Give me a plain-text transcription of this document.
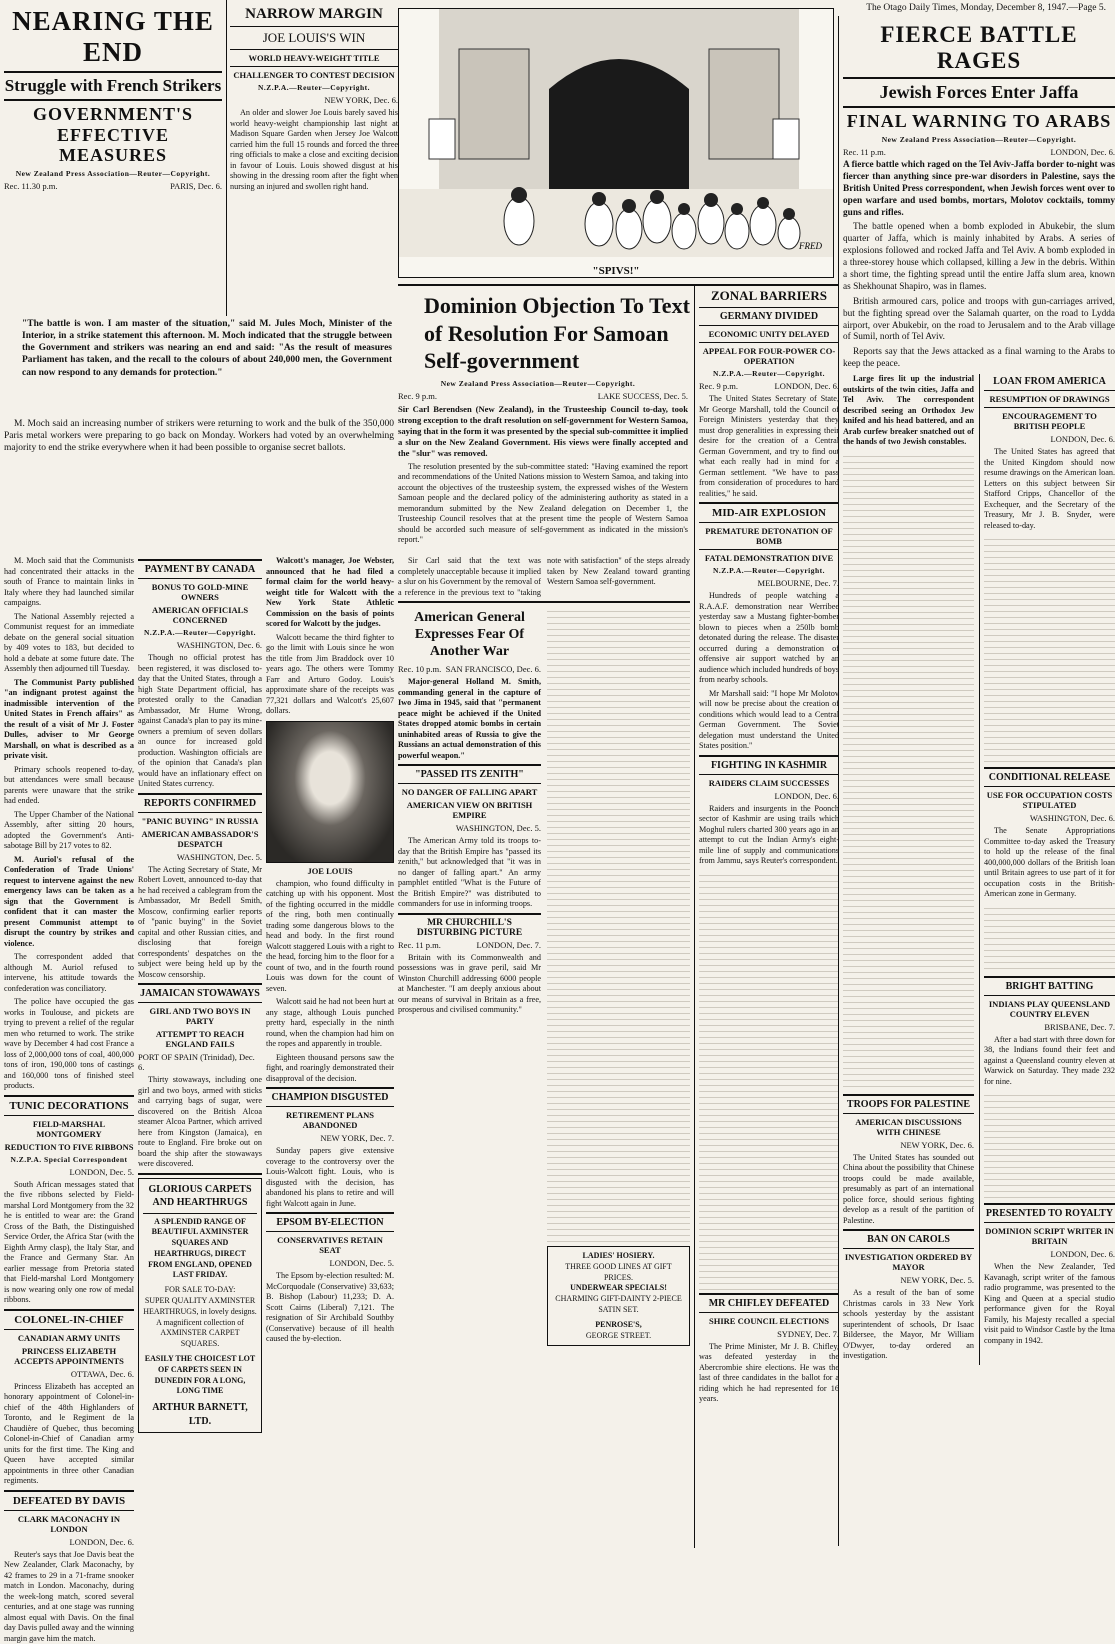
The Otago Daily Times, Monday, December 8, 1947.—Page 5.
NEARING THE END
Struggle with French Strikers
GOVERNMENT'S EFFECTIVE MEASURES
New Zealand Press Association—Reuter—Copyright.
Rec. 11.30 p.m.	PARIS, Dec. 6.
"The battle is won. I am master of the situation," said M. Jules Moch, Minister of the Interior, in a strike statement this afternoon. M. Moch indicated that the struggle between the Government and strikers was nearing an end and said: "As the result of measures Parliament has taken, and the recall to the colours of about 240,000 men, the Government can now respond to any demands for protection."

M. Moch said an increasing number of strikers were returning to work and the bulk of the 350,000 Paris metal workers were preparing to go back on Monday. Workers had voted by an overwhelming majority to end the strike everywhere when it had been possible to organise secret ballots.

M. Moch said that the Communists had concentrated their attacks in the south of France to maintain links in Italy where they had launched similar campaigns.

The National Assembly rejected a Communist request for an immediate debate on the general social situation by 409 votes to 183, but decided to hold a debate at some future date. The Assembly then adjourned till Tuesday.

The Communist Party published "an indignant protest against the inadmissible intervention of the United States in French affairs" as the result of a visit of Mr J. Foster Dulles, adviser to Mr George Marshall, on what is described as a private visit.

Primary schools reopened to-day, but attendances were small because parents were unaware that the strike had ended.

The Upper Chamber of the National Assembly, after sitting 20 hours, adopted the Government's Anti-sabotage Bill by 217 votes to 82.

M. Auriol's refusal of the Confederation of Trade Unions' request to intervene against the new emergency laws can be taken as a sign that the Government is confident that it can master the present Communist attempt to disrupt the country by strikes and violence.

The correspondent added that although M. Auriol refused to intervene, his attitude towards the confederation was conciliatory.

The police have occupied the gas works in Toulouse, and pickets are trying to prevent a relief of the regular men who returned to work. The strike wave by December 4 had cost France a loss of 2,000,000 tons of coal, 400,000 tons of iron, 190,000 tons of castings and 160,000 tons of finished steel products.

TUNIC DECORATIONS
FIELD-MARSHAL MONTGOMERY
REDUCTION TO FIVE RIBBONS
N.Z.P.A. Special Correspondent
LONDON, Dec. 5.

South African messages stated that the five ribbons selected by Field-marshal Lord Montgomery from the 32 he is entitled to wear are: the Grand Cross of the Bath, the Distinguished Service Order, the Africa Star (with the Eighth Army clasp), the Italy Star, and the France and Germany Star. An earlier message from Pretoria stated that Field-marshal Lord Montgomery is now wearing only one row of medal ribbons.

COLONEL-IN-CHIEF
CANADIAN ARMY UNITS
PRINCESS ELIZABETH ACCEPTS APPOINTMENTS
OTTAWA, Dec. 6.

Princess Elizabeth has accepted an honorary appointment of Colonel-in-chief of the 48th Highlanders of Toronto, and le Regiment de la Chaudière of Quebec, thus becoming Colonel-in-Chief of Canadian army units for the first time. The King and Queen have accepted similar appointments in three other Canadian regiments.

DEFEATED BY DAVIS
CLARK MACONACHY IN LONDON
LONDON, Dec. 6.

Reuter's says that Joe Davis beat the New Zealander, Clark Maconachy, by 42 frames to 29 in a 71-frame snooker match in London. Maconachy, during the week-long match, scored several centuries, and at one stage was running almost equal with Davis. On the final day Davis pulled away and the winning margin gave him the match.

PAYMENT BY CANADA
BONUS TO GOLD-MINE OWNERS
AMERICAN OFFICIALS CONCERNED
N.Z.P.A.—Reuter—Copyright.
WASHINGTON, Dec. 6.

Though no official protest has been registered, it was disclosed to-day that the United States, through a high State Department official, has protested orally to the Canadian Ambassador, Mr Hume Wrong, against Canada's plan to pay its mine-owners a premium of seven dollars an ounce for increased gold production. Washington officials are of the opinion that Canada's plan would have an inflationary effect on United States currency.

REPORTS CONFIRMED
"PANIC BUYING" IN RUSSIA
AMERICAN AMBASSADOR'S DESPATCH
WASHINGTON, Dec. 5.

The Acting Secretary of State, Mr Robert Lovett, announced to-day that he had received a cablegram from the Ambassador, Mr Bedell Smith, Moscow, confirming earlier reports of "panic buying" in the Soviet capital and other Russian cities, and disclosing that foreign correspondents' despatches on the subject were being held up by the Moscow censorship.

JAMAICAN STOWAWAYS
GIRL AND TWO BOYS IN PARTY
ATTEMPT TO REACH ENGLAND FAILS
PORT OF SPAIN (Trinidad), Dec. 6.

Thirty stowaways, including one girl and two boys, armed with sticks and carrying bags of sugar, were discovered on the British Alcoa steamer Alcoa Partner, which arrived here from Kingston (Jamaica), en route to England. Fire broke out on board the ship after the stowaways were discovered.

GLORIOUS CARPETS AND HEARTHRUGS
A SPLENDID RANGE OF BEAUTIFUL AXMINSTER SQUARES AND HEARTHRUGS, DIRECT FROM ENGLAND, OPENED LAST FRIDAY.
FOR SALE TO-DAY:
SUPER QUALITY AXMINSTER HEARTHRUGS, in lovely designs. A magnificent collection of AXMINSTER CARPET SQUARES.
EASILY THE CHOICEST LOT OF CARPETS SEEN IN DUNEDIN FOR A LONG, LONG TIME
ARTHUR BARNETT, LTD.
NARROW MARGIN
JOE LOUIS'S WIN
WORLD HEAVY-WEIGHT TITLE
CHALLENGER TO CONTEST DECISION
N.Z.P.A.—Reuter—Copyright.
NEW YORK, Dec. 6.

An older and slower Joe Louis barely saved his world heavy-weight championship last night at Madison Square Garden when Jersey Joe Walcott carried him the full 15 rounds and forced the three ring officials to make a close and exciting decision in favour of Louis. Louis showed disgust at his showing in the dressing room after the fight when nursing an injured and swollen right hand.

Walcott's manager, Joe Webster, announced that he had filed a formal claim for the world heavy-weight title for Walcott with the New York State Athletic Commission on the basis of points scored for Walcott by the judges.

Walcott became the third fighter to go the limit with Louis since he won the title from Jim Braddock over 10 years ago. The others were Tommy Farr and Arturo Godoy. Louis's approximate share of the receipts was 77,321 dollars and Walcott's 25,607 dollars.

JOE LOUIS

champion, who found difficulty in catching up with his opponent. Most of the fighting occurred in the middle of the ring, both men continually trading some dangerous blows to the head and body. In the first round Walcott staggered Louis with a right to the head, forcing him to the floor for a count of two, and in the fourth round Louis was down for the count of seven.

Walcott said he had not been hurt at any stage, although Louis punched pretty hard, especially in the ninth round, when the champion had him on the ropes and apparently in trouble.

Eighteen thousand persons saw the fight, and roaringly demonstrated their disapproval of the decision.

CHAMPION DISGUSTED
RETIREMENT PLANS ABANDONED
NEW YORK, Dec. 7.

Sunday papers give extensive coverage to the controversy over the Louis-Walcott fight. Louis, who is disgusted with the decision, has abandoned his plans to retire and will fight Walcott again in June.

EPSOM BY-ELECTION
CONSERVATIVES RETAIN SEAT
LONDON, Dec. 5.

The Epsom by-election resulted: M. McCorquodale (Conservative) 33,633; B. Bishop (Labour) 11,233; D. A. Scott Cairns (Liberal) 7,121. The resignation of Sir Archibald Southby (Conservative) because of ill health caused the by-election.

FRED
"SPIVS!"
Dominion Objection To Text of Resolution For Samoan Self-government
New Zealand Press Association—Reuter—Copyright.
Rec. 9 p.m.	LAKE SUCCESS, Dec. 5.
Sir Carl Berendsen (New Zealand), in the Trusteeship Council to-day, took strong exception to the draft resolution on self-government for Western Samoa, saying that in the form it was presented by the special sub-committee it implied a slur on the New Zealand Government. His views were finally accepted and the "slur" was removed.

The resolution presented by the sub-committee stated: "Having examined the report and recommendations of the United Nations mission to Western Samoa, and taking into account the objectives of the trusteeship system, the expressed wishes of the Western Samoan people and the declared policy of the administering authority as stated in a memorandum submitted by the New Zealand delegation on December 1, the Trusteeship Council resolves that at the present time the people of Western Samoa should be accorded such measure of self-government as indicated in the mission's report."

Sir Carl said that the text was completely unacceptable because it implied a slur on his Government by the removal of a reference in the previous text to "taking note with satisfaction" of the steps already taken by New Zealand toward granting Western Samoa self-government.

American General Expresses Fear Of Another War
Rec. 10 p.m. SAN FRANCISCO, Dec. 6.

Major-general Holland M. Smith, commanding general in the capture of Iwo Jima in 1945, said that "permanent peace might be achieved if the United States dropped atomic bombs in certain uninhabited areas of Russia to give the Russians an actual demonstration of this powerful weapon."

"PASSED ITS ZENITH"
NO DANGER OF FALLING APART
AMERICAN VIEW ON BRITISH EMPIRE
WASHINGTON, Dec. 5.

The American Army told its troops to-day that the British Empire has "passed its zenith," but acknowledged that "it was in no danger of falling apart." An army pamphlet entitled "What is the Future of the British Empire?" was distributed to commanders for use in informing troops.

MR CHURCHILL'S DISTURBING PICTURE
Rec. 11 p.m.	LONDON, Dec. 7.

Britain with its Commonwealth and possessions was in grave peril, said Mr Winston Churchill addressing 6000 people at Manchester. "I am deeply anxious about our means of survival in Britain as a free, prosperous and civilised community."

LADIES' HOSIERY.
THREE GOOD LINES AT GIFT PRICES.
UNDERWEAR SPECIALS!
CHARMING GIFT-DAINTY 2-PIECE SATIN SET.
PENROSE'S,
GEORGE STREET.
ZONAL BARRIERS
GERMANY DIVIDED
ECONOMIC UNITY DELAYED
APPEAL FOR FOUR-POWER CO-OPERATION
N.Z.P.A.—Reuter—Copyright.
Rec. 9 p.m.	LONDON, Dec. 6.

The United States Secretary of State, Mr George Marshall, told the Council of Foreign Ministers yesterday that they must drop generalities in expressing their desire for the creation of a Central German Government, and try to find out what each really had in mind for a German settlement. "We have to pass from consideration of procedures to hard realities," he said.

MID-AIR EXPLOSION
PREMATURE DETONATION OF BOMB
FATAL DEMONSTRATION DIVE
N.Z.P.A.—Reuter—Copyright.
MELBOURNE, Dec. 7.

Hundreds of people watching a R.A.A.F. demonstration near Werribee yesterday saw a Mustang fighter-bomber blown to pieces when a 250lb bomb detonated during the release. The disaster occurred during a demonstration of offensive air support watched by an audience which included hundreds of boys from nearby schools.

Mr Marshall said: "I hope Mr Molotov will now be precise about the creation of conditions which would lead to a Central German Government. The Soviet delegation must understand the United States position."

FIGHTING IN KASHMIR
RAIDERS CLAIM SUCCESSES
LONDON, Dec. 6.

Raiders and insurgents in the Poonch sector of Kashmir are using trails which Moghul rulers charted 300 years ago in an attempt to cut the Indian Army's eight-mile line of supply and communications from Jammu, says Reuter's correspondent.

MR CHIFLEY DEFEATED
SHIRE COUNCIL ELECTIONS
SYDNEY, Dec. 7.

The Prime Minister, Mr J. B. Chifley, was defeated yesterday in the Abercrombie shire elections. He was the last of three candidates in the ballot for a riding which he had represented for 16 years.

FIERCE BATTLE RAGES
Jewish Forces Enter Jaffa
FINAL WARNING TO ARABS
New Zealand Press Association—Reuter—Copyright.
Rec. 11 p.m.	LONDON, Dec. 6.
A fierce battle which raged on the Tel Aviv-Jaffa border to-night was fiercer than anything since pre-war disorders in Palestine, says the British United Press correspondent, when Jewish forces went over to open warfare and used bombs, mortars, Molotov cocktails, tommy guns and rifles.

The battle opened when a bomb exploded in Abukebir, the slum quarter of Jaffa, which is mainly inhabited by Arabs. A series of explosions followed and rocked Jaffa and Tel Aviv. A bomb exploded in a three-storey house which collapsed, killing a Jew in the debris. Within a short time, the fighting spread until the entire Jaffa slum area, known as Shekhounat Shapiro, was in flames.

British armoured cars, police and troops with gun-carriages arrived, but the fighting spread over the Salamah quarter, on the road to Lydda airport, over Abukebir, on the road to Jerusalem and to the Arab village of Sumil, north of Tel Aviv.

Reports say that the Jews attacked as a final warning to the Arabs to keep the peace.

Large fires lit up the industrial outskirts of the twin cities, Jaffa and Tel Aviv. The correspondent described seeing an Orthodox Jew knifed and his head battered, and an Arab curfew breaker snatched out of the hands of two Jewish constables.

TROOPS FOR PALESTINE
AMERICAN DISCUSSIONS WITH CHINESE
NEW YORK, Dec. 6.

The United States has sounded out China about the possibility that Chinese troops could be made available, presumably as part of an international police force, should serious fighting develop as a result of the partition of Palestine.

BAN ON CAROLS
INVESTIGATION ORDERED BY MAYOR
NEW YORK, Dec. 5.

As a result of the ban of some Christmas carols in 33 New York schools yesterday by the assistant superintendent of schools, Dr Isaac Bildersee, the Mayor, Mr William O'Dwyer, to-day ordered an investigation.

LOAN FROM AMERICA
RESUMPTION OF DRAWINGS
ENCOURAGEMENT TO BRITISH PEOPLE
LONDON, Dec. 6.

The United States has agreed that the United Kingdom should now resume drawings on the American loan. Letters on this subject between Sir Stafford Cripps, Chancellor of the Exchequer, and the Secretary of the Treasury, Mr J. B. Snyder, were released to-day.

CONDITIONAL RELEASE
USE FOR OCCUPATION COSTS STIPULATED
WASHINGTON, Dec. 6.

The Senate Appropriations Committee to-day asked the Treasury to hold up the release of the final 400,000,000 dollars of the British loan until Britain agrees to use part of it for occupation costs in the British-American zone in Germany.

BRIGHT BATTING
INDIANS PLAY QUEENSLAND COUNTRY ELEVEN
BRISBANE, Dec. 7.

After a bad start with three down for 38, the Indians found their feet and against a Queensland country eleven at Warwick on Saturday. They made 232 for nine.

PRESENTED TO ROYALTY
DOMINION SCRIPT WRITER IN BRITAIN
LONDON, Dec. 6.

When the New Zealander, Ted Kavanagh, script writer of the famous radio programme, was presented to the King and Queen at a special studio performance given for the Royal Family, his Majesty recalled a special visit paid to Windsor Castle by the Itma company in 1942.
